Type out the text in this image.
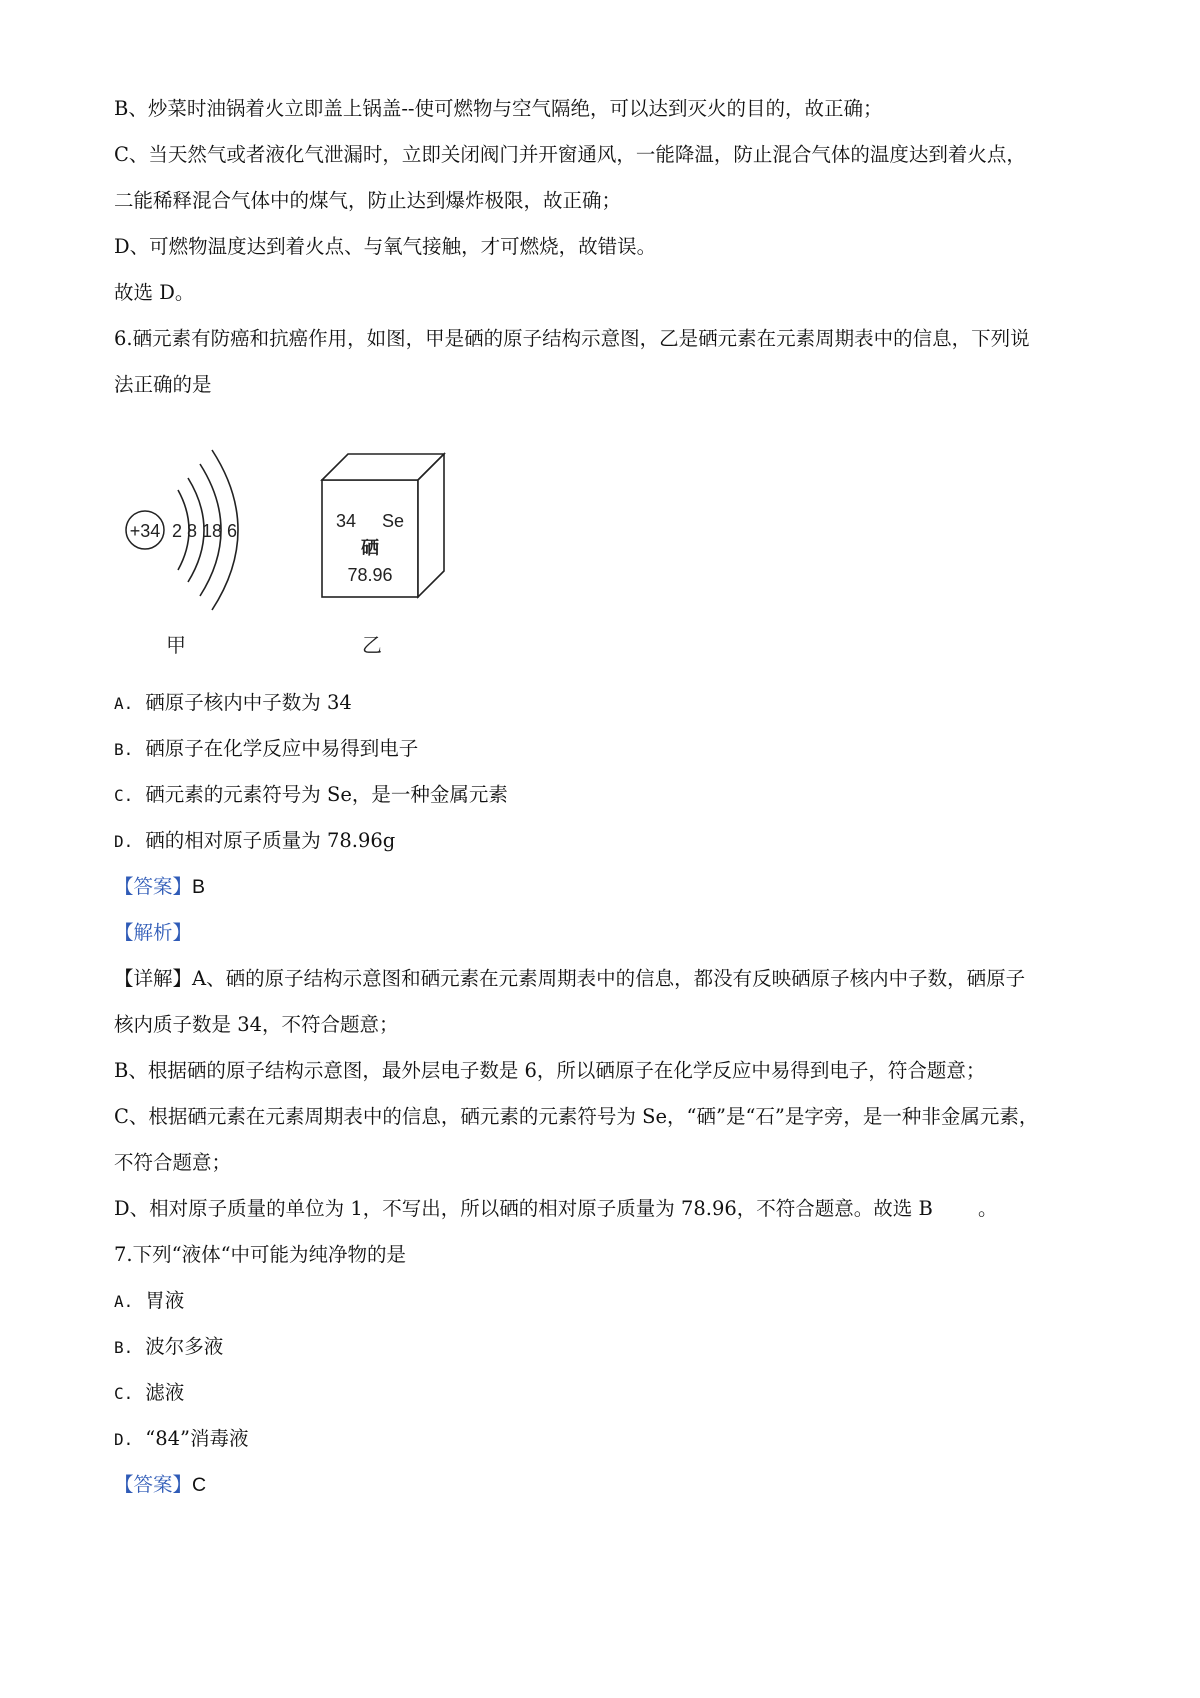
B、炒菜时油锅着火立即盖上锅盖--使可燃物与空气隔绝，可以达到灭火的目的，故正确；

C、当天然气或者液化气泄漏时，立即关闭阀门并开窗通风，一能降温，防止混合气体的温度达到着火点，

二能稀释混合气体中的煤气，防止达到爆炸极限，故正确；

D、可燃物温度达到着火点、与氧气接触，才可燃烧，故错误。

故选 D。

6.硒元素有防癌和抗癌作用，如图，甲是硒的原子结构示意图，乙是硒元素在元素周期表中的信息，下列说

法正确的是

+34 2 8 18 6
甲
34 Se
硒
78.96
乙

A. 硒原子核内中子数为 34

B. 硒原子在化学反应中易得到电子

C. 硒元素的元素符号为 Se，是一种金属元素

D. 硒的相对原子质量为 78.96g

【答案】B

【解析】

【详解】A、硒的原子结构示意图和硒元素在元素周期表中的信息，都没有反映硒原子核内中子数，硒原子

核内质子数是 34，不符合题意；

B、根据硒的原子结构示意图，最外层电子数是 6，所以硒原子在化学反应中易得到电子，符合题意；

C、根据硒元素在元素周期表中的信息，硒元素的元素符号为 Se，“硒”是“石”是字旁，是一种非金属元素，

不符合题意；

D、相对原子质量的单位为 1，不写出，所以硒的相对原子质量为 78.96，不符合题意。故选 B 　　。

7.下列“液体“中可能为纯净物的是

A. 胃液

B. 波尔多液

C. 滤液

D. “84”消毒液

【答案】C
